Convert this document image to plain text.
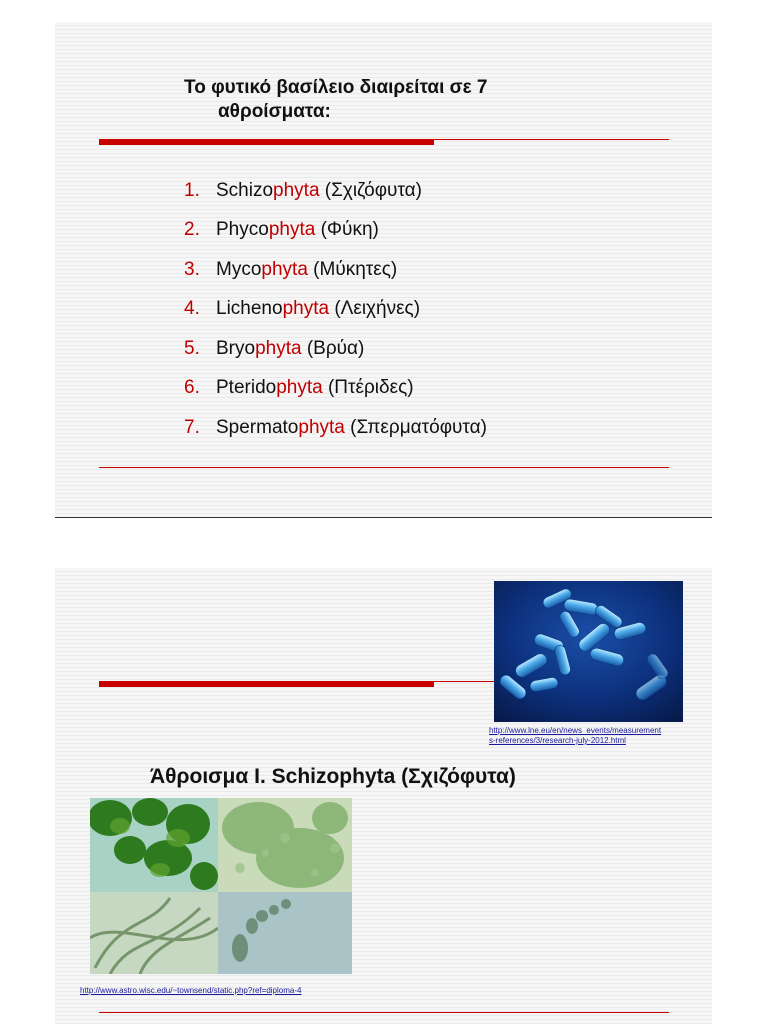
Το φυτικό βασίλειο διαιρείται σε 7
αθροίσματα:
1. Schizophyta (Σχιζόφυτα)
2. Phycophyta (Φύκη)
3. Mycophyta (Μύκητες)
4. Lichenophyta (Λειχήνες)
5. Bryophyta (Βρύα)
6. Pteridophyta (Πτέριδες)
7. Spermatophyta (Σπερματόφυτα)
http://www.lne.eu/en/news_events/measurement
s-references/3/research-july-2012.html
Άθροισμα I. Schizophyta (Σχιζόφυτα)
http://www.astro.wisc.edu/~townsend/static.php?ref=diploma-4
